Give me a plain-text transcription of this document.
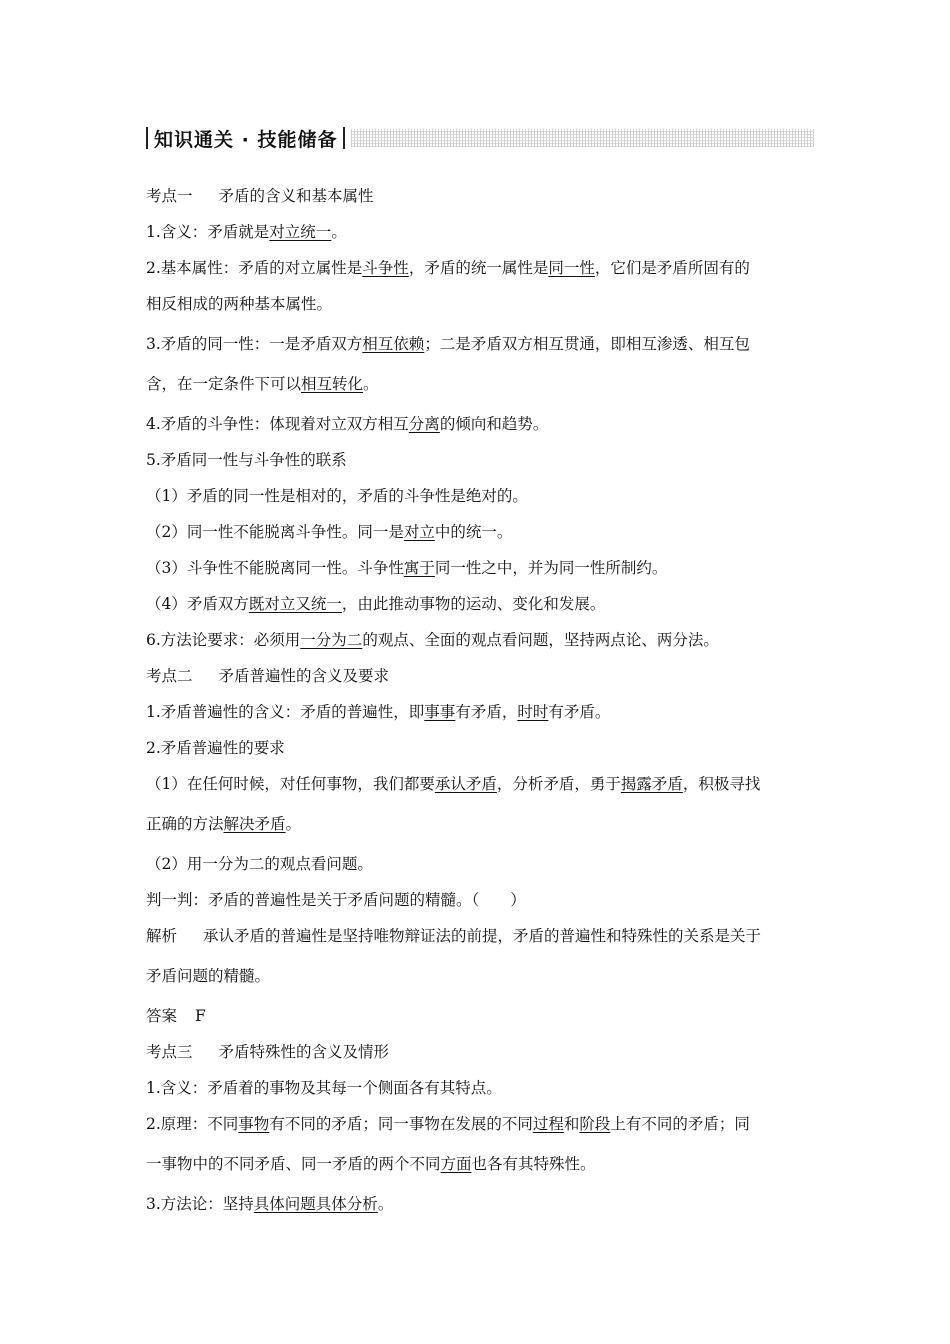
知识通关 · 技能储备
考点一 矛盾的含义和基本属性
1.含义：矛盾就是对立统一。
2.基本属性：矛盾的对立属性是斗争性，矛盾的统一属性是同一性，它们是矛盾所固有的
相反相成的两种基本属性。
3.矛盾的同一性：一是矛盾双方相互依赖；二是矛盾双方相互贯通，即相互渗透、相互包
含，在一定条件下可以相互转化。
4.矛盾的斗争性：体现着对立双方相互分离的倾向和趋势。
5.矛盾同一性与斗争性的联系
（1）矛盾的同一性是相对的，矛盾的斗争性是绝对的。
（2）同一性不能脱离斗争性。同一是对立中的统一。
（3）斗争性不能脱离同一性。斗争性寓于同一性之中，并为同一性所制约。
（4）矛盾双方既对立又统一，由此推动事物的运动、变化和发展。
6.方法论要求：必须用一分为二的观点、全面的观点看问题，坚持两点论、两分法。
考点二 矛盾普遍性的含义及要求
1.矛盾普遍性的含义：矛盾的普遍性，即事事有矛盾，时时有矛盾。
2.矛盾普遍性的要求
（1）在任何时候，对任何事物，我们都要承认矛盾，分析矛盾，勇于揭露矛盾，积极寻找
正确的方法解决矛盾。
（2）用一分为二的观点看问题。
判一判：矛盾的普遍性是关于矛盾问题的精髓。（　　）
解析 承认矛盾的普遍性是坚持唯物辩证法的前提，矛盾的普遍性和特殊性的关系是关于
矛盾问题的精髓。
答案 F
考点三 矛盾特殊性的含义及情形
1.含义：矛盾着的事物及其每一个侧面各有其特点。
2.原理：不同事物有不同的矛盾；同一事物在发展的不同过程和阶段上有不同的矛盾；同
一事物中的不同矛盾、同一矛盾的两个不同方面也各有其特殊性。
3.方法论：坚持具体问题具体分析。
